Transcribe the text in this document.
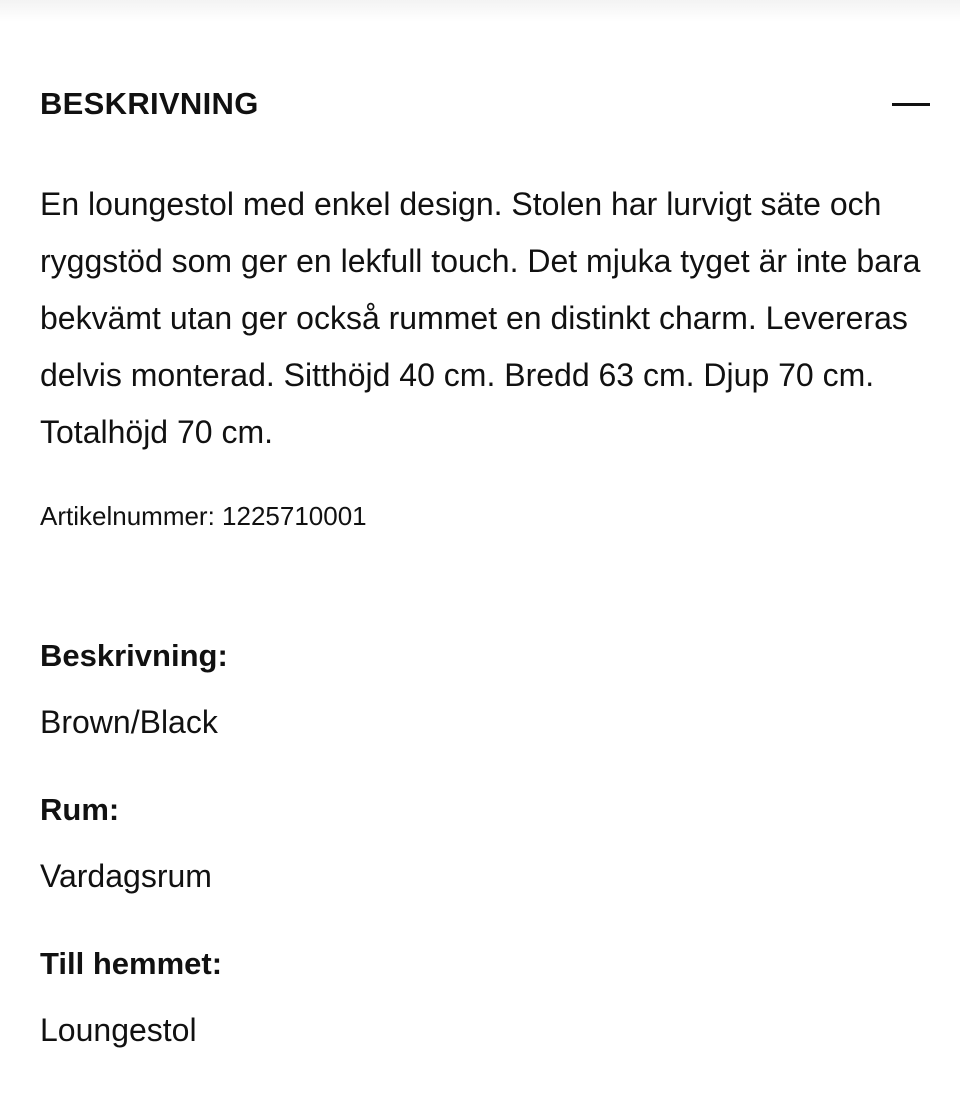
BESKRIVNING

En loungestol med enkel design. Stolen har lurvigt säte och ryggstöd som ger en lekfull touch. Det mjuka tyget är inte bara bekvämt utan ger också rummet en distinkt charm. Levereras delvis monterad. Sitthöjd 40 cm. Bredd 63 cm. Djup 70 cm. Totalhöjd 70 cm.

Artikelnummer: 1225710001
Beskrivning:
Brown/Black
Rum:
Vardagsrum
Till hemmet:
Loungestol
